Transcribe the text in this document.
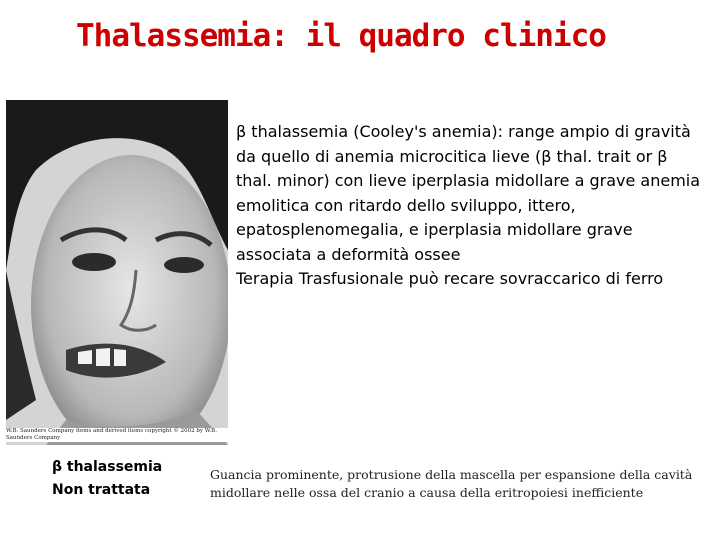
Thalassemia: il quadro clinico
W.B. Saunders Company items and derived items copyright © 2002 by W.B. Saunders Company

β thalassemia (Cooley's anemia): range ampio di gravità da quello di anemia microcitica lieve (β thal. trait or β thal. minor) con lieve iperplasia midollare a grave anemia emolitica con ritardo dello sviluppo, ittero, epatosplenomegalia, e iperplasia midollare grave associata a deformità ossee

Terapia Trasfusionale può recare sovraccarico di ferro

β thalassemia
Non trattata
Guancia prominente, protrusione della mascella per espansione della cavità midollare nelle ossa del cranio a causa della eritropoiesi inefficiente
